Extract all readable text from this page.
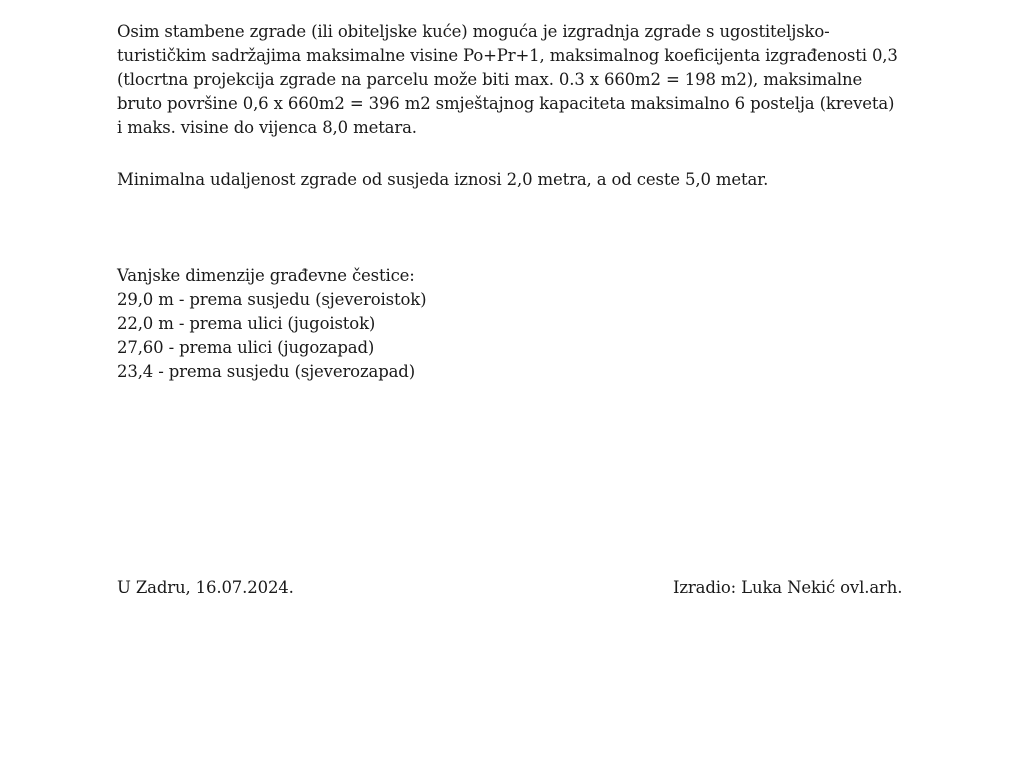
Osim stambene zgrade (ili obiteljske kuće) moguća je izgradnja zgrade s ugostiteljsko-
turističkim sadržajima maksimalne visine Po+Pr+1, maksimalnog koeficijenta izgrađenosti 0,3
(tlocrtna projekcija zgrade na parcelu može biti max. 0.3 x 660m2 = 198 m2), maksimalne
bruto površine 0,6 x 660m2 = 396 m2 smještajnog kapaciteta maksimalno 6 postelja (kreveta)
i maks. visine do vijenca 8,0 metara.

Minimalna udaljenost zgrade od susjeda iznosi 2,0 metra, a od ceste 5,0 metar.

Vanjske dimenzije građevne čestice:
29,0 m - prema susjedu (sjeveroistok)
22,0 m - prema ulici (jugoistok)
27,60 - prema ulici (jugozapad)
23,4 - prema susjedu (sjeverozapad)
U Zadru, 16.07.2024.	Izradio: Luka Nekić ovl.arh.
